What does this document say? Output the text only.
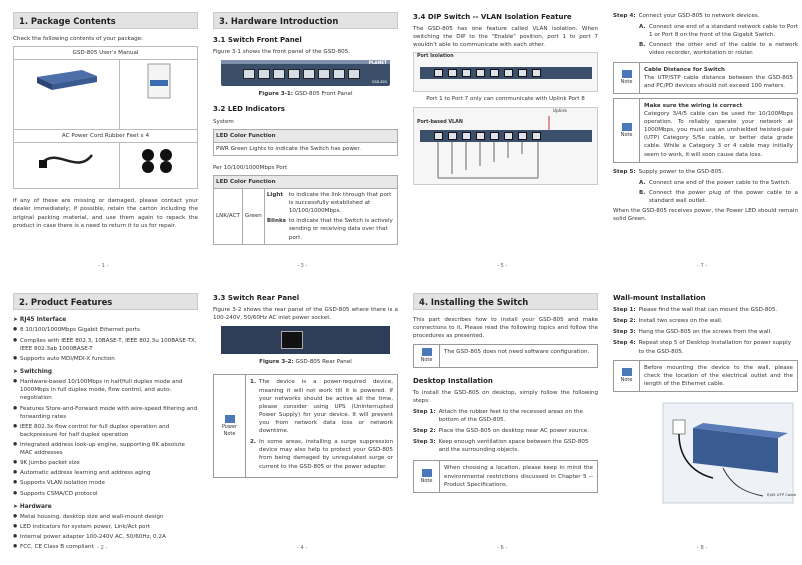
1. Package Contents

Check the following contents of your package:

GSD-805 User's Manual	

AC Power Cord Rubber Feet x 4	

If any of these are missing or damaged, please contact your dealer immediately; if possible, retain the carton including the original packing material, and use them again to repack the product in case there is a need to return it to us for repair.

- 1 -
3. Hardware Introduction
3.1 Switch Front Panel

Figure 3-1 shows the front panel of the GSD-805.

PLANET
GSD-805
Figure 3-1: GSD-805 Front Panel
3.2 LED Indicators

System

LED Color Function
PWR Green Lights to indicate the Switch has power.

Per 10/100/1000Mbps Port

LED Color Function
LNK/ACT	Green	
Light	to indicate the link through that port is successfully established at 10/100/1000Mbps.
Blinks to indicate that the Switch is actively sending or receiving data over that port.
- 3 -
3.4 DIP Switch -- VLAN Isolation Feature

The GSD-805 has one feature called VLAN isolation. When switching the DIP to the "Enable" position, port 1 to port 7 wouldn't able to communicate with each other.

Port Isolation

Port 1 to Port 7 only can communicate with Uplink Port 8

Uplink
Port-based VLAN
- 5 -
Step 4: Connect your GSD-805 to network devices.
A. Connect one end of a standard network cable to Port 1 or Port 8 on the front of the Gigabit Switch.
B. Connect the other end of the cable to a network video recorder, workstation or router.
Note
Cable Distance for Switch
The UTP/STP cable distance between the GSD-805 and PC/PD devices should not exceed 100 meters.
Note
Make sure the wiring is correct
Category 3/4/5 cable can be used for 10/100Mbps operation. To reliably operate your network at 1000Mbps, you must use an unshielded twisted-pair (UTP) Category 5/5e cable, or better data grade cable. While a Category 3 or 4 cable may initially seem to work, it will soon cause data loss.
Step 5: Supply power to the GSD-805.
A. Connect one end of the power cable to the Switch.
B. Connect the power plug of the power cable to a standard wall outlet.

When the GSD-805 receives power, the Power LED should remain solid Green.

- 7 -
2. Product Features
➤ RJ45 Interface
● 8 10/100/1000Mbps Gigabit Ethernet ports
● Complies with IEEE 802.3, 10BASE-T, IEEE 802.3u 100BASE-TX, IEEE 802.3ab 1000BASE-T
● Supports auto MDI/MDI-X function
➤ Switching
● Hardware-based 10/100Mbps in half/full duplex mode and 1000Mbps in full duplex mode, flow control, and auto-negotiation
● Features Store-and-Forward mode with wire-speed filtering and forwarding rates
● IEEE 802.3x flow control for full duplex operation and backpressure for half duplex operation
● Integrated address look-up engine, supporting 8K absolute MAC addresses
● 9K jumbo packet size
● Automatic address learning and address aging
● Supports VLAN isolation mode
● Supports CSMA/CD protocol
➤ Hardware
● Metal housing, desktop size and wall-mount design
● LED indicators for system power, Link/Act port
● Internal power adapter 100-240V AC, 50/60Hz, 0.2A
● FCC, CE Class B compliant - 2 -
3.3 Switch Rear Panel

Figure 3-2 shows the rear panel of the GSD-805 where there is a 100-240V, 50/60Hz AC inlet power socket.

Figure 3-2: GSD-805 Rear Panel
Power Note
1. The device is a power-required device, meaning it will not work till it is powered. If your networks should be active all the time, please consider using UPS (Uninterrupted Power Supply) for your device. It will prevent you from network data loss or network downtime.
2. In some areas, installing a surge suppression device may also help to protect your GSD-805 from being damaged by unregulated surge or current to the GSD-805 or the power adapter.
- 4 -
4. Installing the Switch

This part describes how to install your GSD-805 and make connections to it. Please read the following topics and follow the procedures as presented.

Note
The GSD-805 does not need software configuration.
Desktop Installation

To install the GSD-805 on desktop, simply follow the following steps:

Step 1: Attach the rubber feet to the recessed areas on the bottom of the GSD-805.
Step 2: Place the GSD-805 on desktop near AC power source.
Step 3: Keep enough ventilation space between the GSD-805 and the surrounding objects.
Note
When choosing a location, please keep in mind the environmental restrictions discussed in Chapter 5 -- Product Specifications.
- 6 -
Wall-mount Installation
Step 1: Please find the wall that can mount the GSD-805.
Step 2: Install two screws on the wall.
Step 3: Hang the GSD-805 on the screws from the wall.
Step 4: Repeat step 5 of Desktop Installation for power supply to the GSD-805.
Note
Before mounting the device to the wall, please check the location of the electrical outlet and the length of the Ethernet cable.
RJ45 UTP Cable
- 8 -
